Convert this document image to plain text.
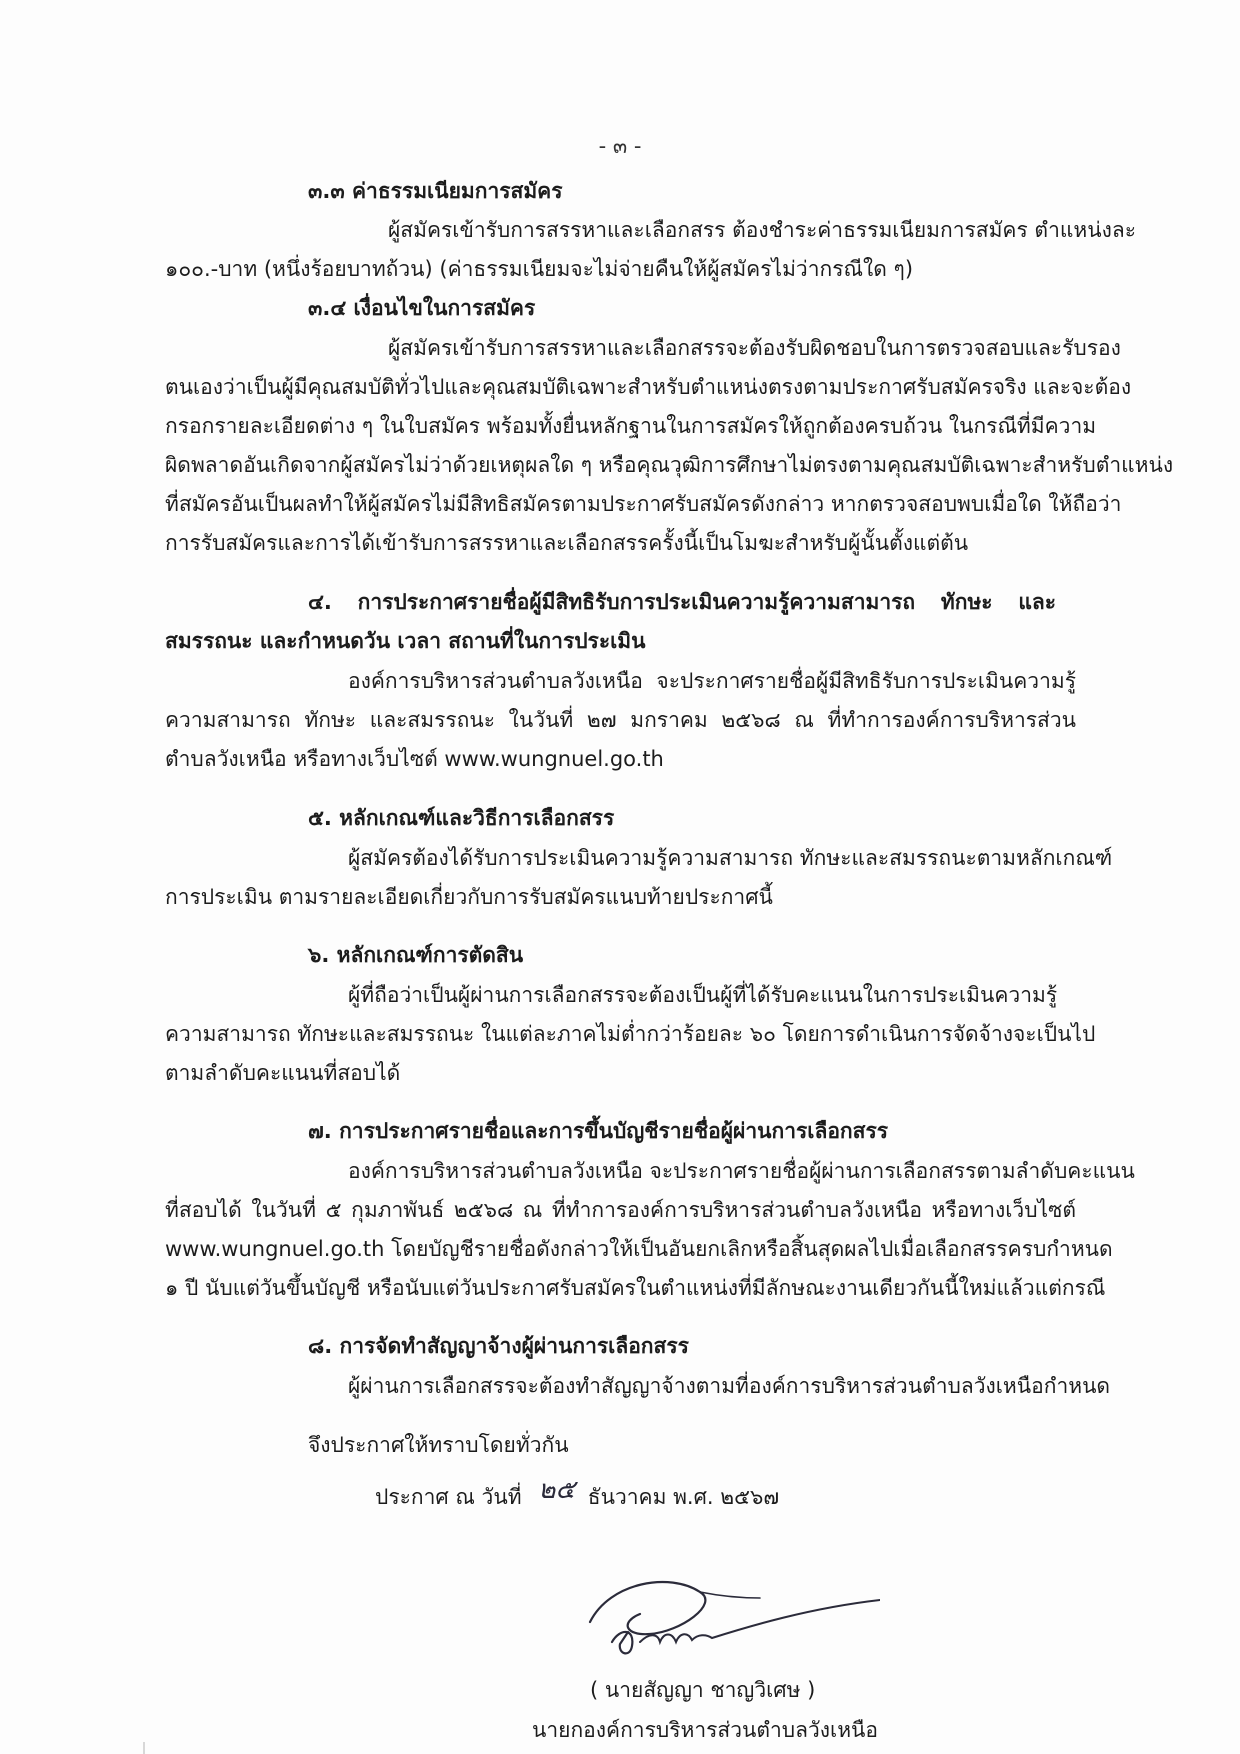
- ๓ -
๓.๓ ค่าธรรมเนียมการสมัคร
ผู้สมัครเข้ารับการสรรหาและเลือกสรร ต้องชำระค่าธรรมเนียมการสมัคร ตำแหน่งละ
๑๐๐.-บาท (หนึ่งร้อยบาทถ้วน) (ค่าธรรมเนียมจะไม่จ่ายคืนให้ผู้สมัครไม่ว่ากรณีใด ๆ)
๓.๔ เงื่อนไขในการสมัคร
ผู้สมัครเข้ารับการสรรหาและเลือกสรรจะต้องรับผิดชอบในการตรวจสอบและรับรอง
ตนเองว่าเป็นผู้มีคุณสมบัติทั่วไปและคุณสมบัติเฉพาะสำหรับตำแหน่งตรงตามประกาศรับสมัครจริง และจะต้อง
กรอกรายละเอียดต่าง ๆ ในใบสมัคร พร้อมทั้งยื่นหลักฐานในการสมัครให้ถูกต้องครบถ้วน ในกรณีที่มีความ
ผิดพลาดอันเกิดจากผู้สมัครไม่ว่าด้วยเหตุผลใด ๆ หรือคุณวุฒิการศึกษาไม่ตรงตามคุณสมบัติเฉพาะสำหรับตำแหน่ง
ที่สมัครอันเป็นผลทำให้ผู้สมัครไม่มีสิทธิสมัครตามประกาศรับสมัครดังกล่าว หากตรวจสอบพบเมื่อใด ให้ถือว่า
การรับสมัครและการได้เข้ารับการสรรหาและเลือกสรรครั้งนี้เป็นโมฆะสำหรับผู้นั้นตั้งแต่ต้น
๔. การประกาศรายชื่อผู้มีสิทธิรับการประเมินความรู้ความสามารถ ทักษะ และ
สมรรถนะ และกำหนดวัน เวลา สถานที่ในการประเมิน
องค์การบริหารส่วนตำบลวังเหนือ จะประกาศรายชื่อผู้มีสิทธิรับการประเมินความรู้
ความสามารถ ทักษะ และสมรรถนะ ในวันที่ ๒๗ มกราคม ๒๕๖๘ ณ ที่ทำการองค์การบริหารส่วน
ตำบลวังเหนือ หรือทางเว็บไซต์ www.wungnuel.go.th
๕. หลักเกณฑ์และวิธีการเลือกสรร
ผู้สมัครต้องได้รับการประเมินความรู้ความสามารถ ทักษะและสมรรถนะตามหลักเกณฑ์
การประเมิน ตามรายละเอียดเกี่ยวกับการรับสมัครแนบท้ายประกาศนี้
๖. หลักเกณฑ์การตัดสิน
ผู้ที่ถือว่าเป็นผู้ผ่านการเลือกสรรจะต้องเป็นผู้ที่ได้รับคะแนนในการประเมินความรู้
ความสามารถ ทักษะและสมรรถนะ ในแต่ละภาคไม่ต่ำกว่าร้อยละ ๖๐ โดยการดำเนินการจัดจ้างจะเป็นไป
ตามลำดับคะแนนที่สอบได้
๗. การประกาศรายชื่อและการขึ้นบัญชีรายชื่อผู้ผ่านการเลือกสรร
องค์การบริหารส่วนตำบลวังเหนือ จะประกาศรายชื่อผู้ผ่านการเลือกสรรตามลำดับคะแนน
ที่สอบได้ ในวันที่ ๕ กุมภาพันธ์ ๒๕๖๘ ณ ที่ทำการองค์การบริหารส่วนตำบลวังเหนือ หรือทางเว็บไซต์
www.wungnuel.go.th โดยบัญชีรายชื่อดังกล่าวให้เป็นอันยกเลิกหรือสิ้นสุดผลไปเมื่อเลือกสรรครบกำหนด
๑ ปี นับแต่วันขึ้นบัญชี หรือนับแต่วันประกาศรับสมัครในตำแหน่งที่มีลักษณะงานเดียวกันนี้ใหม่แล้วแต่กรณี
๘. การจัดทำสัญญาจ้างผู้ผ่านการเลือกสรร
ผู้ผ่านการเลือกสรรจะต้องทำสัญญาจ้างตามที่องค์การบริหารส่วนตำบลวังเหนือกำหนด
จึงประกาศให้ทราบโดยทั่วกัน
ประกาศ ณ วันที่ ๒๕ ธันวาคม พ.ศ. ๒๕๖๗
( นายสัญญา ชาญวิเศษ )
นายกองค์การบริหารส่วนตำบลวังเหนือ
